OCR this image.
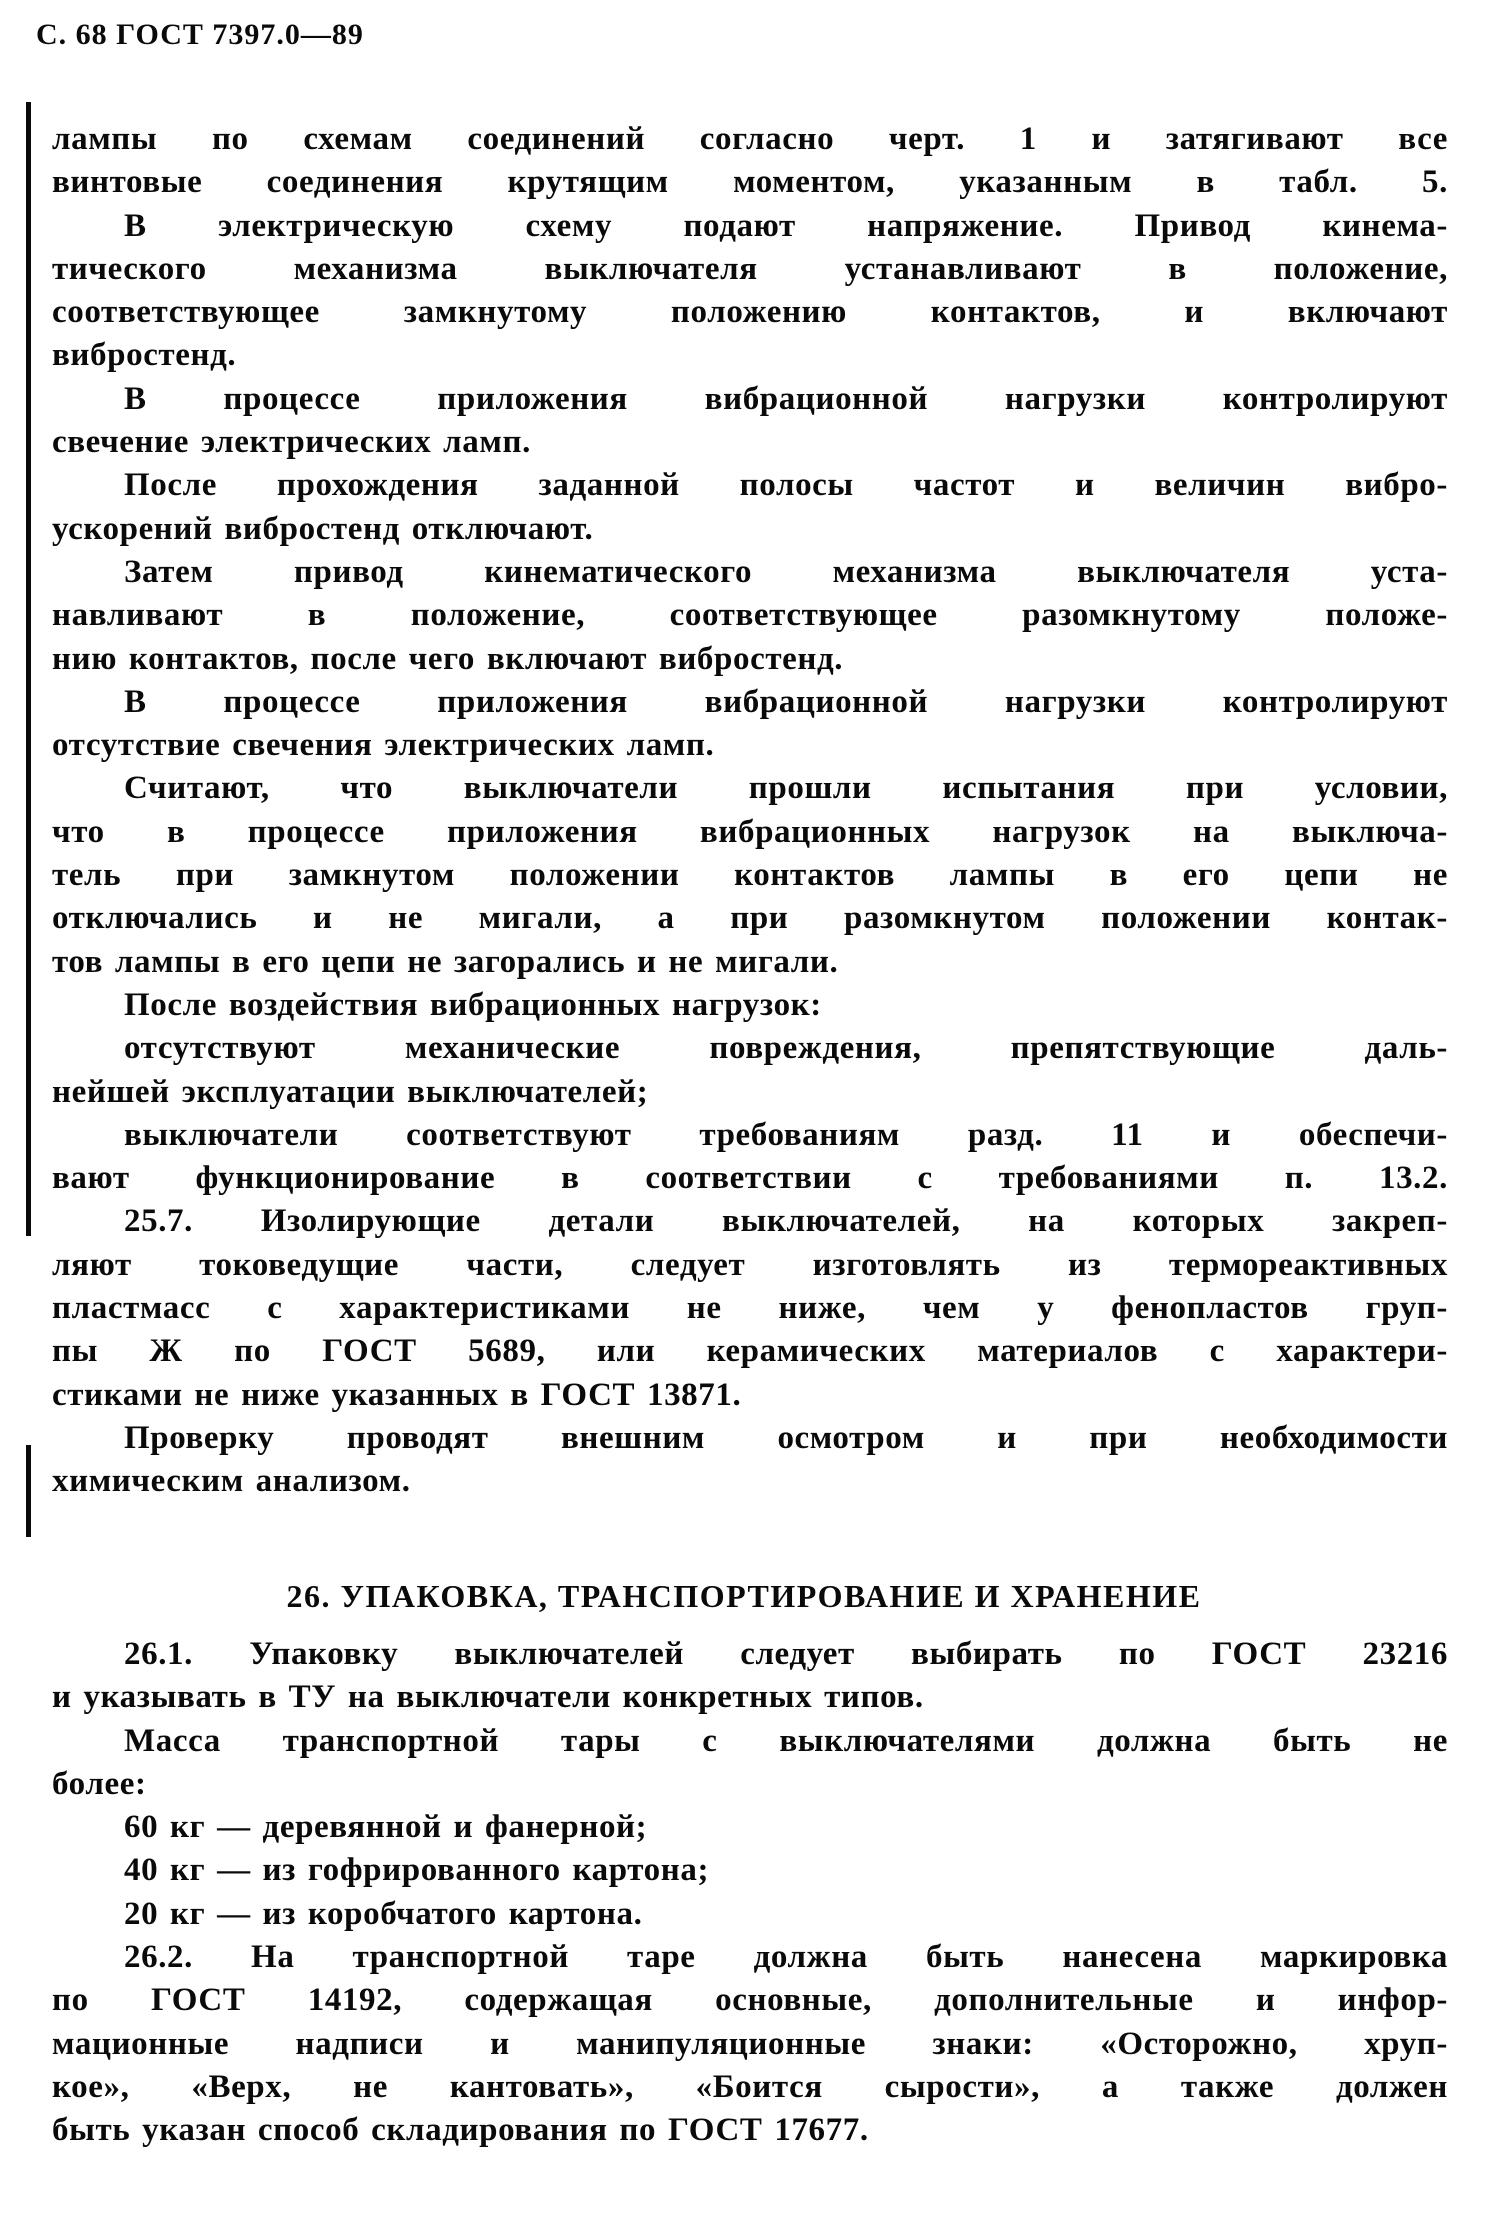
С. 68 ГОСТ 7397.0—89
лампы по схемам соединений согласно черт. 1 и затягивают все
винтовые соединения крутящим моментом, указанным в табл. 5.
В электрическую схему подают напряжение. Привод кинема-
тического механизма выключателя устанавливают в положение,
соответствующее замкнутому положению контактов, и включают
вибростенд.
В процессе приложения вибрационной нагрузки контролируют
свечение электрических ламп.
После прохождения заданной полосы частот и величин вибро-
ускорений вибростенд отключают.
Затем привод кинематического механизма выключателя уста-
навливают в положение, соответствующее разомкнутому положе-
нию контактов, после чего включают вибростенд.
В процессе приложения вибрационной нагрузки контролируют
отсутствие свечения электрических ламп.
Считают, что выключатели прошли испытания при условии,
что в процессе приложения вибрационных нагрузок на выключа-
тель при замкнутом положении контактов лампы в его цепи не
отключались и не мигали, а при разомкнутом положении контак-
тов лампы в его цепи не загорались и не мигали.
После воздействия вибрационных нагрузок:
отсутствуют механические повреждения, препятствующие даль-
нейшей эксплуатации выключателей;
выключатели соответствуют требованиям разд. 11 и обеспечи-
вают функционирование в соответствии с требованиями п. 13.2.
25.7. Изолирующие детали выключателей, на которых закреп-
ляют токоведущие части, следует изготовлять из термореактивных
пластмасс с характеристиками не ниже, чем у фенопластов груп-
пы Ж по ГОСТ 5689, или керамических материалов с характери-
стиками не ниже указанных в ГОСТ 13871.
Проверку проводят внешним осмотром и при необходимости
химическим анализом.
26. УПАКОВКА, ТРАНСПОРТИРОВАНИЕ И ХРАНЕНИЕ
26.1. Упаковку выключателей следует выбирать по ГОСТ 23216
и указывать в ТУ на выключатели конкретных типов.
Масса транспортной тары с выключателями должна быть не
более:
60 кг — деревянной и фанерной;
40 кг — из гофрированного картона;
20 кг — из коробчатого картона.
26.2. На транспортной таре должна быть нанесена маркировка
по ГОСТ 14192, содержащая основные, дополнительные и инфор-
мационные надписи и манипуляционные знаки: «Осторожно, хруп-
кое», «Верх, не кантовать», «Боится сырости», а также должен
быть указан способ складирования по ГОСТ 17677.
